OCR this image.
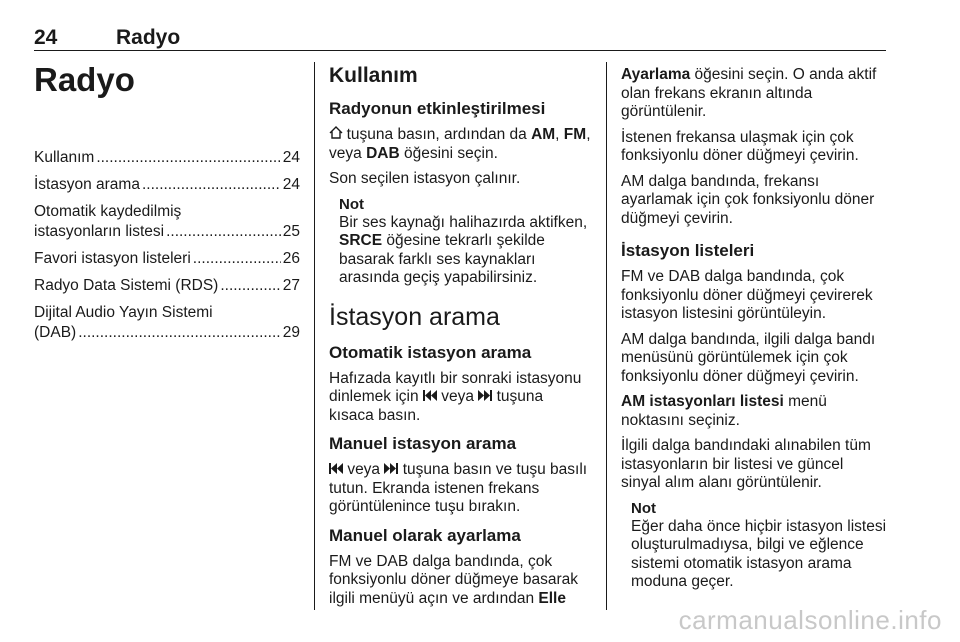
24	Radyo
Radyo
Kullanım .....	24
İstasyon arama .....	24
Otomatik kaydedilmiş
istasyonların listesi .....	25
Favori istasyon listeleri .....	26
Radyo Data Sistemi (RDS) .....	27
Dijital Audio Yayın Sistemi
(DAB) .....	29
Kullanım
Radyonun etkinleştirilmesi

tuşuna basın, ardından da AM, FM, veya DAB öğesini seçin.

Son seçilen istasyon çalınır.

Not

Bir ses kaynağı halihazırda aktifken, SRCE öğesine tekrarlı şekilde basarak farklı ses kaynakları arasında geçiş yapabilirsiniz.

İstasyon arama
Otomatik istasyon arama

Hafızada kayıtlı bir sonraki istasyonu dinlemek için veya tuşuna kısaca basın.

Manuel istasyon arama

veya tuşuna basın ve tuşu basılı tutun. Ekranda istenen frekans görüntülenince tuşu bırakın.

Manuel olarak ayarlama

FM ve DAB dalga bandında, çok fonksiyonlu döner düğmeye basarak ilgili menüyü açın ve ardından Elle

Ayarlama öğesini seçin. O anda aktif olan frekans ekranın altında görüntülenir.

İstenen frekansa ulaşmak için çok fonksiyonlu döner düğmeyi çevirin.

AM dalga bandında, frekansı ayarlamak için çok fonksiyonlu döner düğmeyi çevirin.

İstasyon listeleri

FM ve DAB dalga bandında, çok fonksiyonlu döner düğmeyi çevirerek istasyon listesini görüntüleyin.

AM dalga bandında, ilgili dalga bandı menüsünü görüntülemek için çok fonksiyonlu döner düğmeyi çevirin.

AM istasyonları listesi menü noktasını seçiniz.

İlgili dalga bandındaki alınabilen tüm istasyonların bir listesi ve güncel sinyal alım alanı görüntülenir.

Not

Eğer daha önce hiçbir istasyon listesi oluşturulmadıysa, bilgi ve eğlence sistemi otomatik istasyon arama moduna geçer.

carmanualsonline.info
